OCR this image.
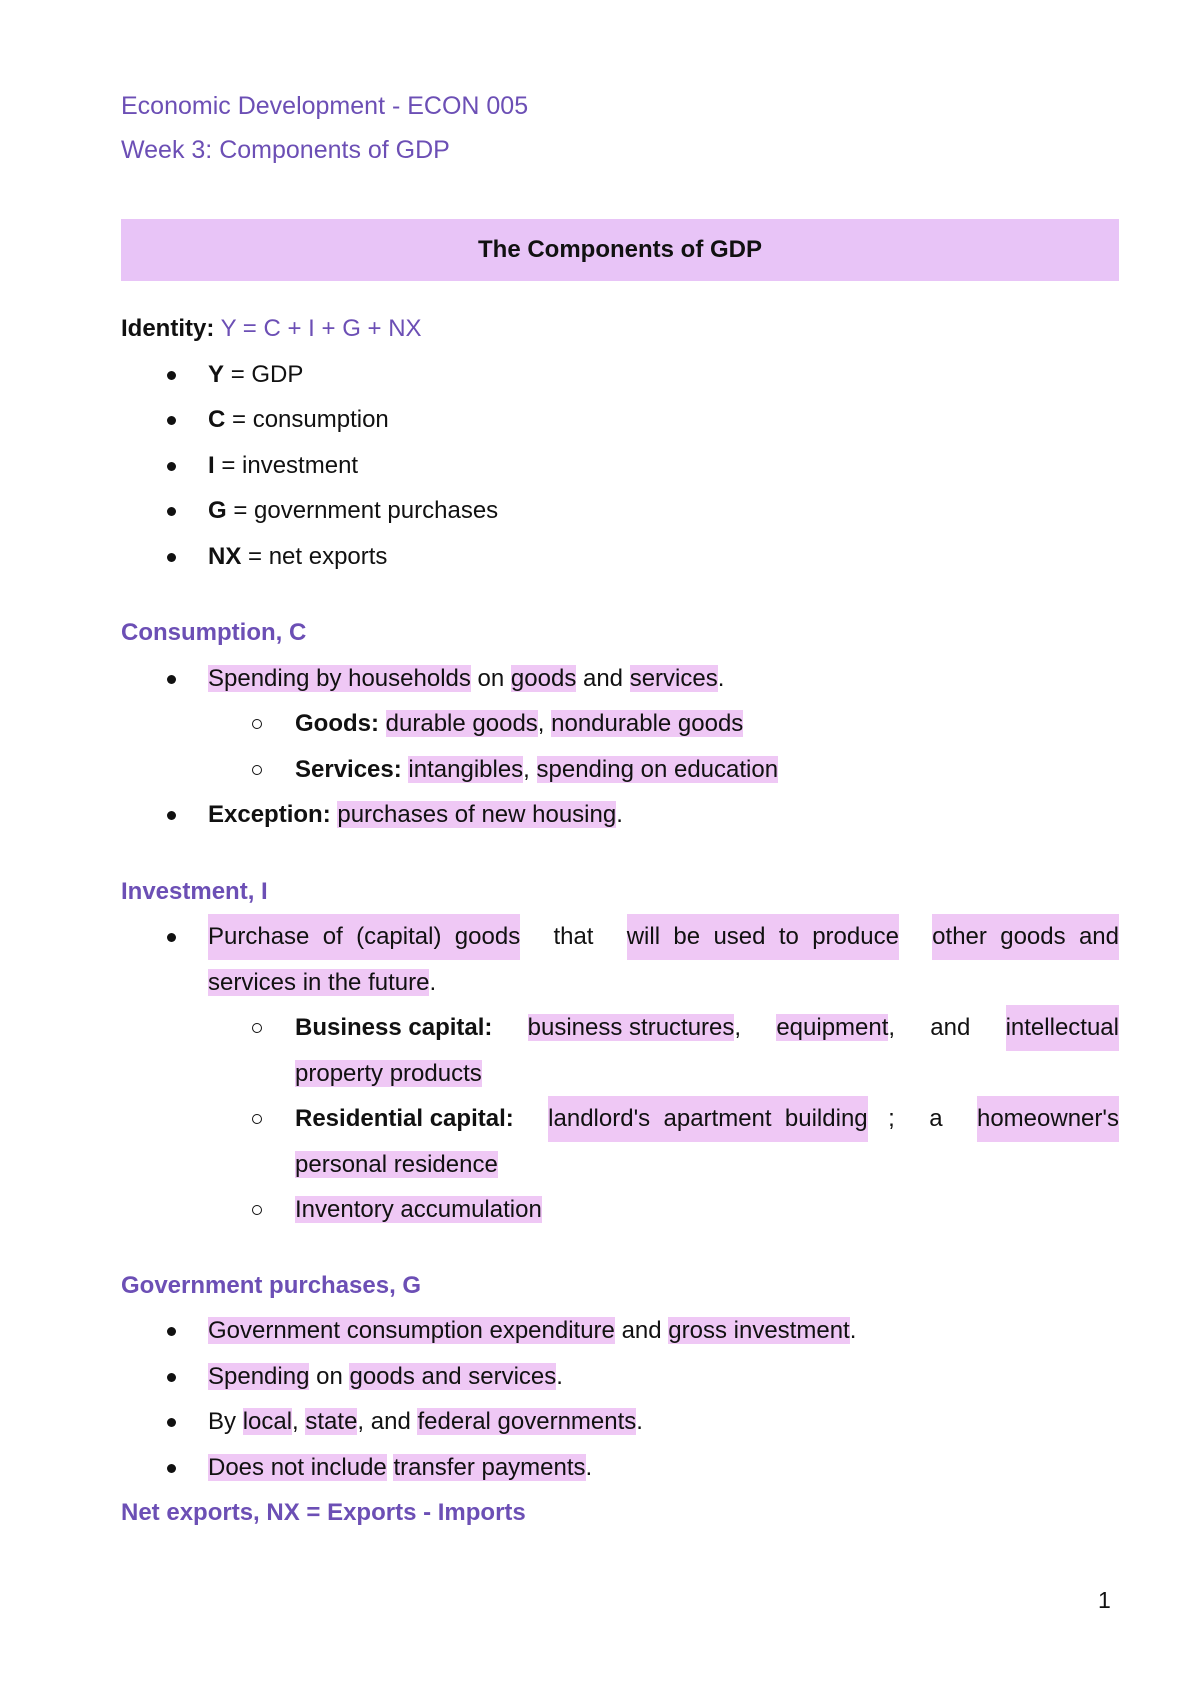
Economic Development - ECON 005
Week 3: Components of GDP
The Components of GDP
Identity: Y = C + I + G + NX
Y = GDP
C = consumption
I = investment
G = government purchases
NX = net exports
Consumption, C
Spending by households on goods and services.
Goods: durable goods, nondurable goods
Services: intangibles, spending on education
Exception: purchases of new housing.
Investment, I
Purchase of (capital) goods that will be used to produce other goods and
services in the future.
Business capital: business structures, equipment, and intellectual
property products
Residential capital: landlord's apartment building ; a homeowner's
personal residence
Inventory accumulation
Government purchases, G
Government consumption expenditure and gross investment.
Spending on goods and services.
By local, state, and federal governments.
Does not include transfer payments.
Net exports, NX = Exports - Imports
1
